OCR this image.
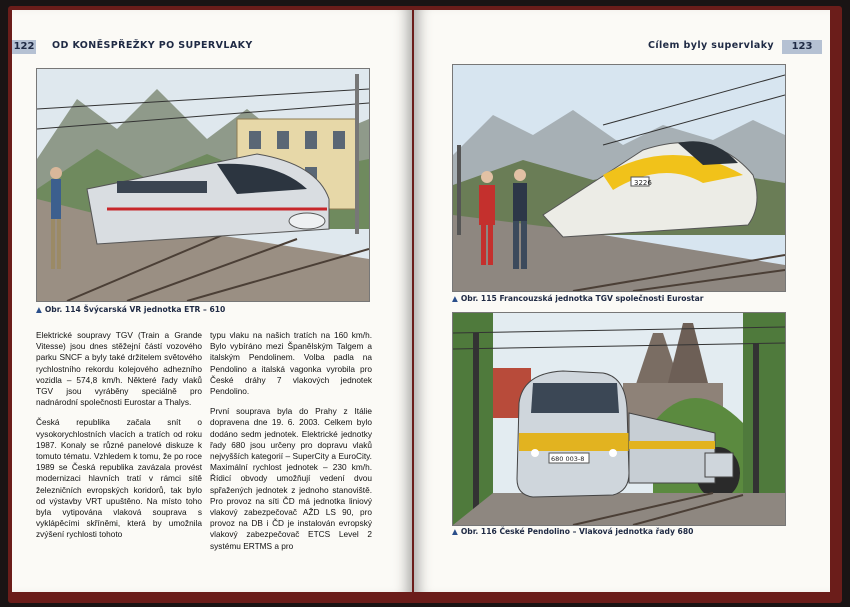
122 OD KONĚSPŘEŽKY PO SUPERVLAKY
▲ Obr. 114 Švýcarská VR jednotka ETR – 610

Elektrické soupravy TGV (Train a Grande Vitesse) jsou dnes stěžejní částí vozového parku SNCF a byly také držitelem světového rychlostního rekordu kolejového adhezního vozidla – 574,8 km/h. Některé řady vlaků TGV jsou vyráběny speciálně pro nadnárodní společnosti Eurostar a Thalys.

Česká republika začala snít o vysokorychlostních vlacích a tratích od roku 1987. Konaly se různé panelové diskuze k tomuto tématu. Vzhledem k tomu, že po roce 1989 se Česká republika zavázala provést modernizaci hlavních tratí v rámci sítě železničních evropských koridorů, tak bylo od výstavby VRT upuštěno. Na místo toho byla vytipována vlaková souprava s vyklápěcími skříněmi, která by umožnila zvýšení rychlosti tohoto

typu vlaku na našich tratích na 160 km/h. Bylo vybíráno mezi Španělským Talgem a italským Pendolinem. Volba padla na Pendolino a italská vagonka vyrobila pro České dráhy 7 vlakových jednotek Pendolino.

První souprava byla do Prahy z Itálie dopravena dne 19. 6. 2003. Celkem bylo dodáno sedm jednotek. Elektrické jednotky řady 680 jsou určeny pro dopravu vlaků nejvyšších kategorií – SuperCity a EuroCity. Maximální rychlost jednotek – 230 km/h. Řídicí obvody umožňují vedení dvou spřažených jednotek z jednoho stanoviště. Pro provoz na síti ČD má jednotka liniový vlakový zabezpečovač AŽD LS 90, pro provoz na DB i ČD je instalován evropský vlakový zabezpečovač ETCS Level 2 systému ERTMS a pro

Cílem byly supervlaky	123
3226
▲ Obr. 115 Francouzská jednotka TGV společnosti Eurostar
680 003-8
▲ Obr. 116 České Pendolino – Vlaková jednotka řady 680
